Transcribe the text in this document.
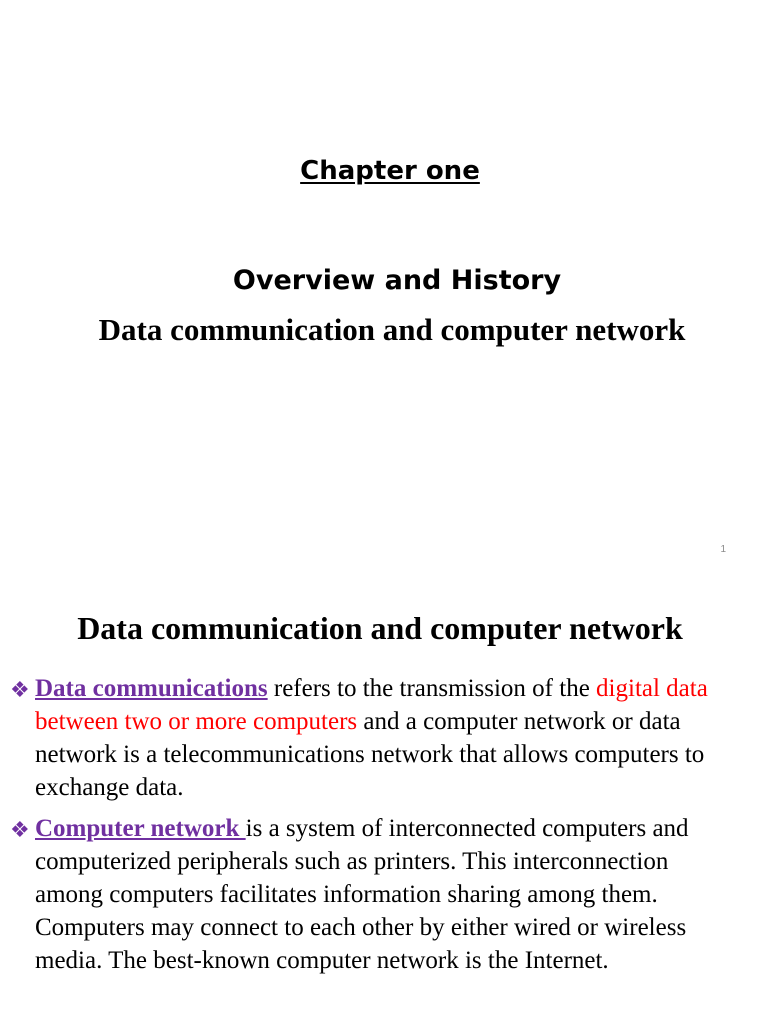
Chapter one
Overview and History
Data communication and computer network
1
Data communication and computer network
❖ Data communications refers to the transmission of the digital data between two or more computers and a computer network or data network is a telecommunications network that allows computers to exchange data.
❖ Computer network is a system of interconnected computers and computerized peripherals such as printers. This interconnection among computers facilitates information sharing among them. Computers may connect to each other by either wired or wireless media. The best-known computer network is the Internet.
